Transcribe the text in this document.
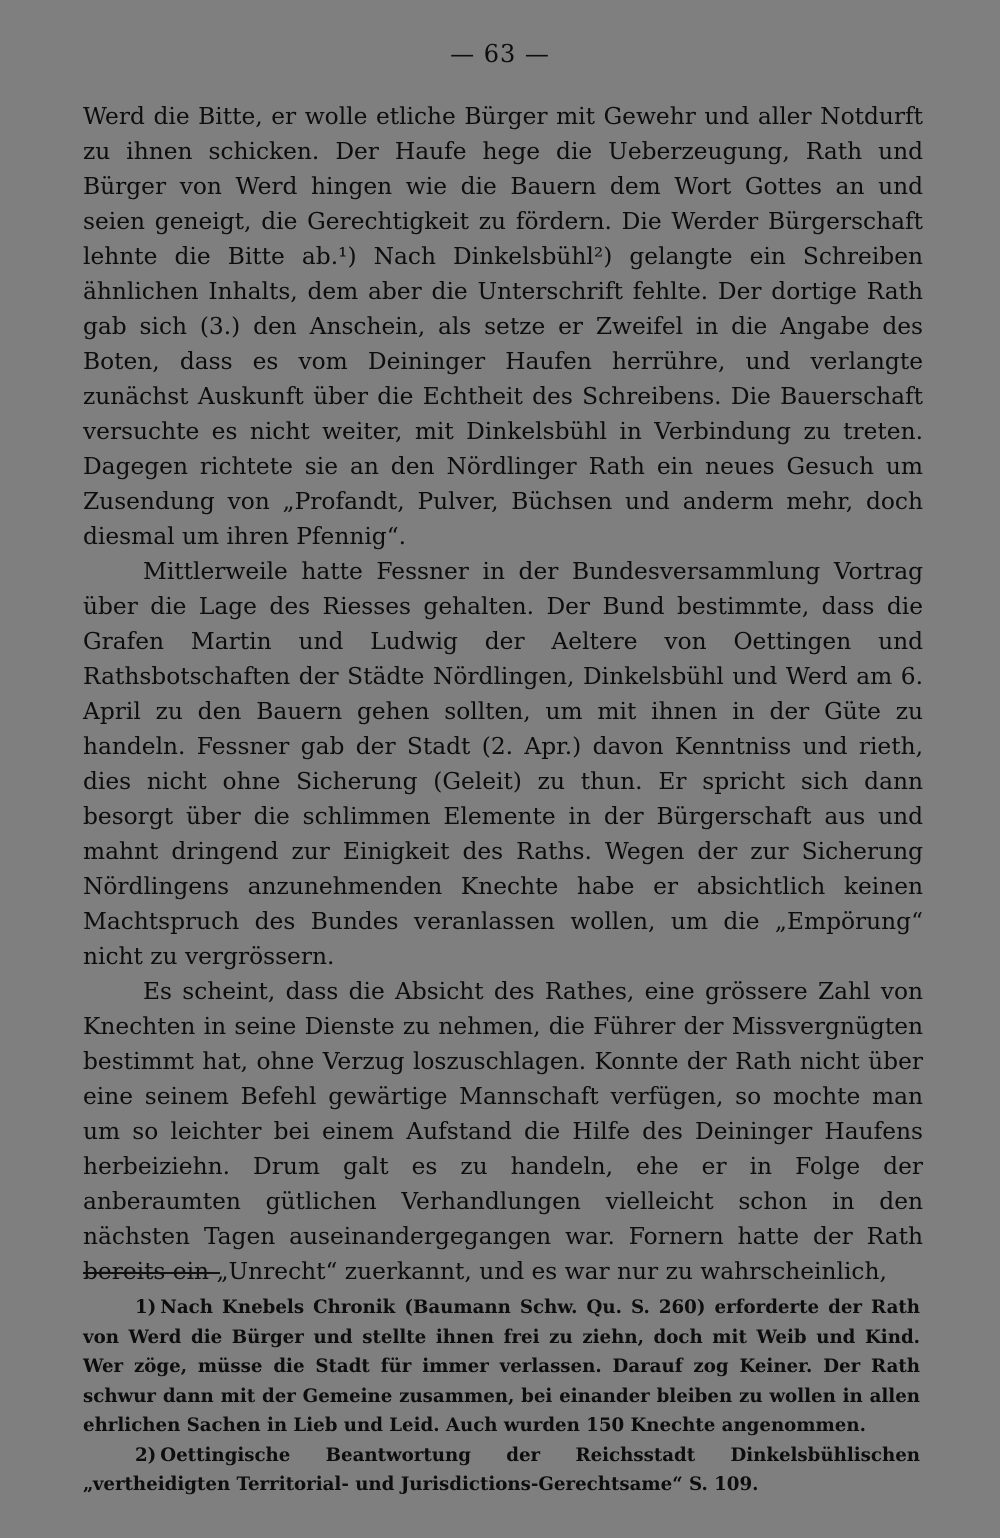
— 63 —

Werd die Bitte, er wolle etliche Bürger mit Gewehr und aller Notdurft zu ihnen schicken. Der Haufe hege die Ueberzeugung, Rath und Bürger von Werd hingen wie die Bauern dem Wort Gottes an und seien geneigt, die Gerechtigkeit zu fördern. Die Werder Bürgerschaft lehnte die Bitte ab.¹) Nach Dinkelsbühl²) gelangte ein Schreiben ähnlichen Inhalts, dem aber die Unterschrift fehlte. Der dortige Rath gab sich (3.) den Anschein, als setze er Zweifel in die Angabe des Boten, dass es vom Deininger Haufen herrühre, und verlangte zunächst Auskunft über die Echtheit des Schreibens. Die Bauerschaft versuchte es nicht weiter, mit Dinkelsbühl in Verbindung zu treten. Dagegen richtete sie an den Nördlinger Rath ein neues Gesuch um Zusendung von „Profandt, Pulver, Büchsen und anderm mehr, doch diesmal um ihren Pfennig“.

Mittlerweile hatte Fessner in der Bundesversammlung Vortrag über die Lage des Riesses gehalten. Der Bund bestimmte, dass die Grafen Martin und Ludwig der Aeltere von Oettingen und Rathsbotschaften der Städte Nördlingen, Dinkelsbühl und Werd am 6. April zu den Bauern gehen sollten, um mit ihnen in der Güte zu handeln. Fessner gab der Stadt (2. Apr.) davon Kenntniss und rieth, dies nicht ohne Sicherung (Geleit) zu thun. Er spricht sich dann besorgt über die schlimmen Elemente in der Bürgerschaft aus und mahnt dringend zur Einigkeit des Raths. Wegen der zur Sicherung Nördlingens anzunehmenden Knechte habe er absichtlich keinen Machtspruch des Bundes veranlassen wollen, um die „Empörung“ nicht zu vergrössern.

Es scheint, dass die Absicht des Rathes, eine grössere Zahl von Knechten in seine Dienste zu nehmen, die Führer der Missvergnügten bestimmt hat, ohne Verzug loszuschlagen. Konnte der Rath nicht über eine seinem Befehl gewärtige Mannschaft verfügen, so mochte man um so leichter bei einem Aufstand die Hilfe des Deininger Haufens herbeiziehn. Drum galt es zu handeln, ehe er in Folge der anberaumten gütlichen Verhandlungen vielleicht schon in den nächsten Tagen auseinandergegangen war. Fornern hatte der Rath bereits ein „Unrecht“ zuerkannt, und es war nur zu wahrscheinlich,

1) Nach Knebels Chronik (Baumann Schw. Qu. S. 260) erforderte der Rath von Werd die Bürger und stellte ihnen frei zu ziehn, doch mit Weib und Kind. Wer zöge, müsse die Stadt für immer verlassen. Darauf zog Keiner. Der Rath schwur dann mit der Gemeine zusammen, bei einander bleiben zu wollen in allen ehrlichen Sachen in Lieb und Leid. Auch wurden 150 Knechte angenommen.

2) Oettingische Beantwortung der Reichsstadt Dinkelsbühlischen „vertheidigten Territorial- und Jurisdictions-Gerechtsame“ S. 109.
